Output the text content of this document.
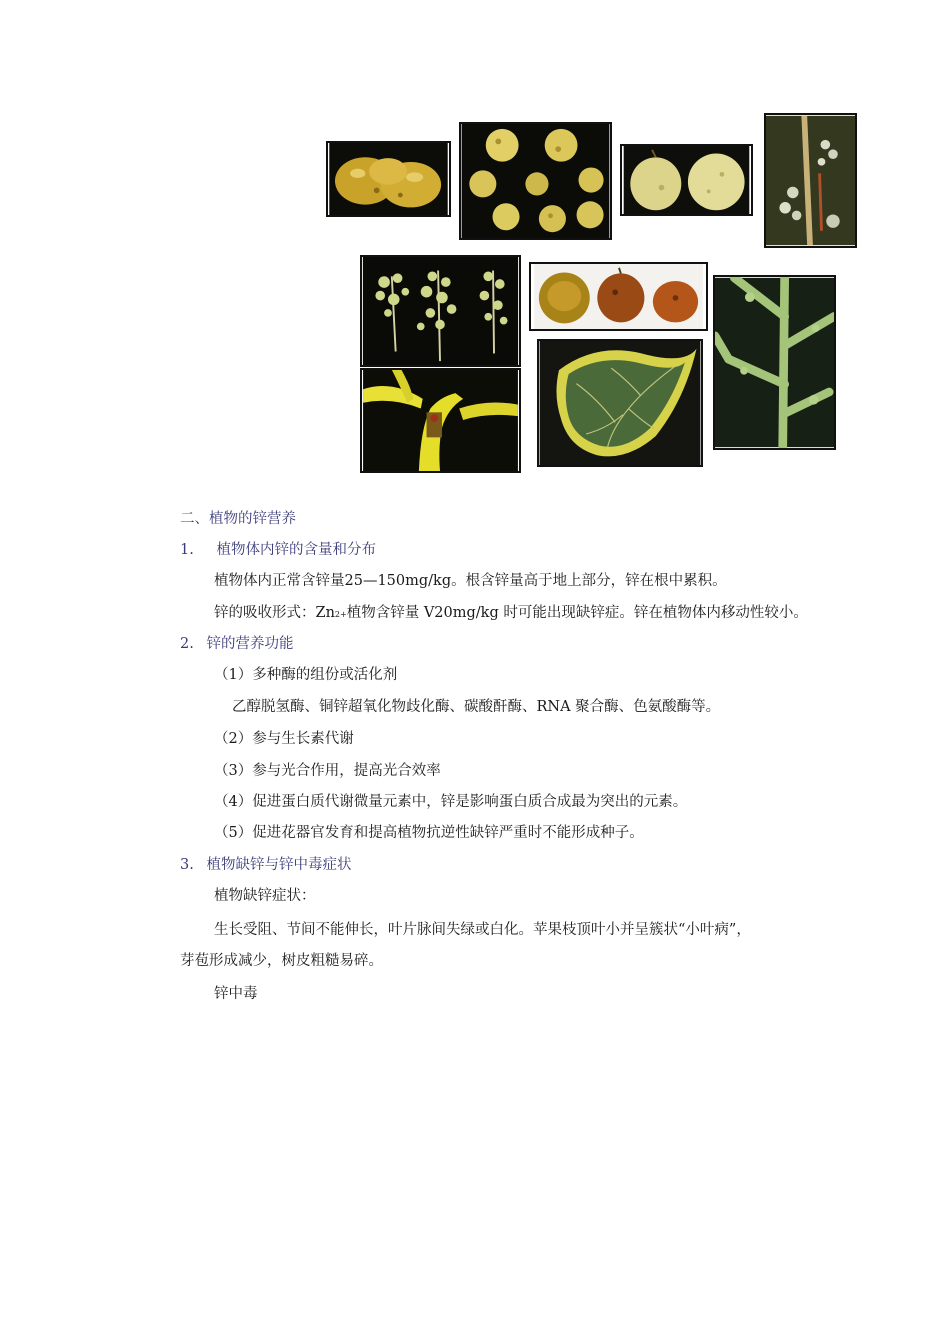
二、植物的锌营养
1. 植物体内锌的含量和分布
植物体内正常含锌量25—150mg/kg。根含锌量高于地上部分，锌在根中累积。
锌的吸收形式：Zn2+植物含锌量 V20mg/kg 时可能出现缺锌症。锌在植物体内移动性较小。
2. 锌的营养功能
（1）多种酶的组份或活化剂
乙醇脱氢酶、铜锌超氧化物歧化酶、碳酸酐酶、RNA 聚合酶、色氨酸酶等。
（2）参与生长素代谢
（3）参与光合作用，提高光合效率
（4）促进蛋白质代谢微量元素中，锌是影响蛋白质合成最为突出的元素。
（5）促进花器官发育和提高植物抗逆性缺锌严重时不能形成种子。
3. 植物缺锌与锌中毒症状
植物缺锌症状：
生长受阻、节间不能伸长，叶片脉间失绿或白化。苹果枝顶叶小并呈簇状“小叶病”，
芽苞形成减少，树皮粗糙易碎。
锌中毒
